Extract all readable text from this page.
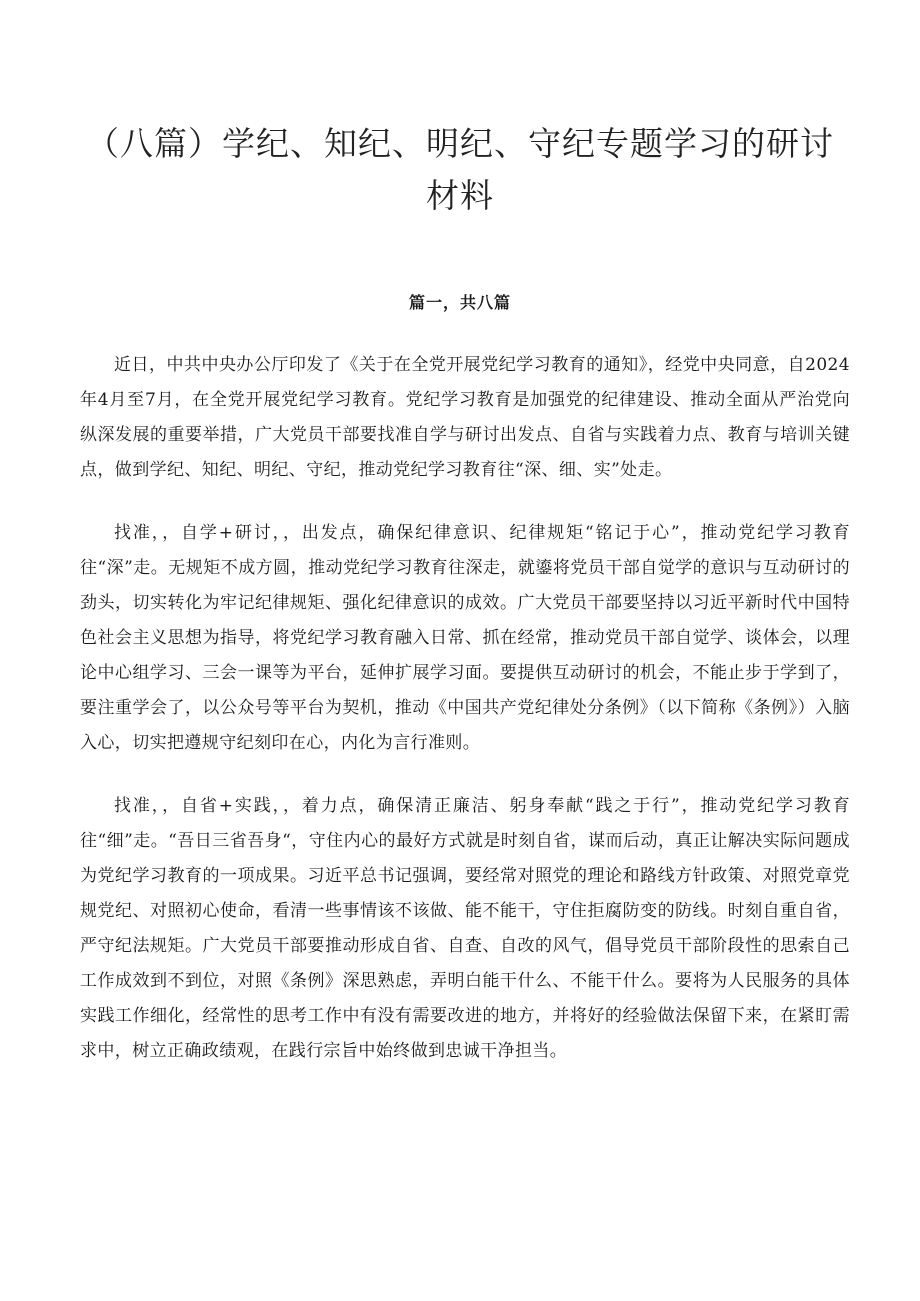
（八篇）学纪、知纪、明纪、守纪专题学习的研讨材料
篇一，共八篇

近日，中共中央办公厅印发了《关于在全党开展党纪学习教育的通知》，经党中央同意，自2024年4月至7月，在全党开展党纪学习教育。党纪学习教育是加强党的纪律建设、推动全面从严治党向纵深发展的重要举措，广大党员干部要找准自学与研讨出发点、自省与实践着力点、教育与培训关键点，做到学纪、知纪、明纪、守纪，推动党纪学习教育往“深、细、实”处走。

找准，，自学+研讨，，出发点，确保纪律意识、纪律规矩“铭记于心”，推动党纪学习教育往“深”走。无规矩不成方圆，推动党纪学习教育往深走，就鎏将党员干部自觉学的意识与互动研讨的劲头，切实转化为牢记纪律规矩、强化纪律意识的成效。广大党员干部要坚持以习近平新时代中国特色社会主义思想为指导，将党纪学习教育融入日常、抓在经常，推动党员干部自觉学、谈体会，以理论中心组学习、三会一课等为平台，延伸扩展学习面。要提供互动研讨的机会，不能止步于学到了，要注重学会了，以公众号等平台为契机，推动《中国共产党纪律处分条例》（以下简称《条例》）入脑入心，切实把遵规守纪刻印在心，内化为言行准则。

找准，，自省+实践，，着力点，确保清正廉洁、躬身奉献“践之于行”，推动党纪学习教育往“细”走。“吾日三省吾身“，守住内心的最好方式就是时刻自省，谋而后动，真正让解决实际问题成为党纪学习教育的一项成果。习近平总书记强调，要经常对照党的理论和路线方针政策、对照党章党规党纪、对照初心使命，看清一些事情该不该做、能不能干，守住拒腐防变的防线。时刻自重自省，严守纪法规矩。广大党员干部要推动形成自省、自查、自改的风气，倡导党员干部阶段性的思索自己工作成效到不到位，对照《条例》深思熟虑，弄明白能干什么、不能干什么。要将为人民服务的具体实践工作细化，经常性的思考工作中有没有需要改进的地方，并将好的经验做法保留下来，在紧盯需求中，树立正确政绩观，在践行宗旨中始终做到忠诚干净担当。
